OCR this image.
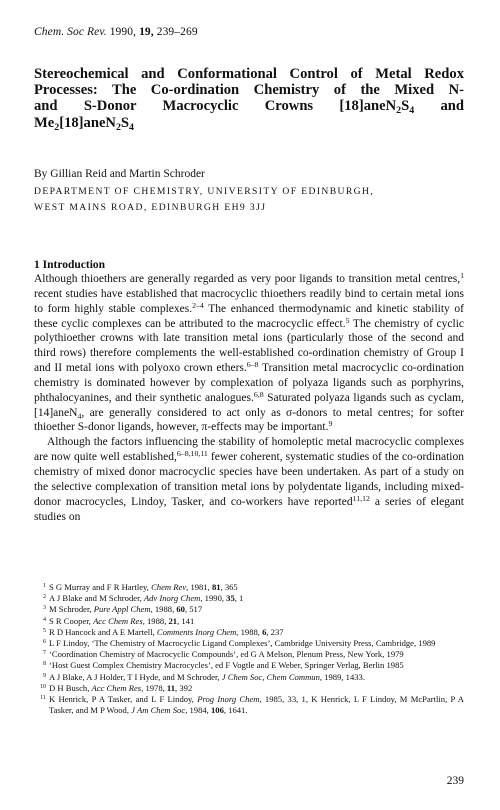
Chem. Soc Rev. 1990, 19, 239–269
Stereochemical and Conformational Control of Metal Redox
Processes: The Co-ordination Chemistry of the Mixed N-
and S-Donor Macrocyclic Crowns $[18]aneN_2S_4$ and
$Me_2[18]aneN_2S_4$
By Gillian Reid and Martin Schroder
DEPARTMENT OF CHEMISTRY, UNIVERSITY OF EDINBURGH,
WEST MAINS ROAD, EDINBURGH EH9 3JJ
1 Introduction

Although thioethers are generally regarded as very poor ligands to transition metal centres,$^1$ recent studies have established that macrocyclic thioethers readily bind to certain metal ions to form highly stable complexes.$^{2-4}$ The enhanced thermodynamic and kinetic stability of these cyclic complexes can be attributed to the macrocyclic effect.$^5$ The chemistry of cyclic polythioether crowns with late transition metal ions (particularly those of the second and third rows) therefore complements the well-established co-ordination chemistry of Group I and II metal ions with polyoxo crown ethers.$^{6-8}$ Transition metal macrocyclic co-ordination chemistry is dominated however by complexation of polyaza ligands such as porphyrins, phthalocyanines, and their synthetic analogues.$^{6,8}$ Saturated polyaza ligands such as cyclam, [14]aneN$_4$, are generally considered to act only as σ-donors to metal centres; for softer thioether S-donor ligands, however, π-effects may be important.$^9$

Although the factors influencing the stability of homoleptic metal macrocyclic complexes are now quite well established,$^{6-8,10,11}$ fewer coherent, systematic studies of the co-ordination chemistry of mixed donor macrocyclic species have been undertaken. As part of a study on the selective complexation of transition metal ions by polydentate ligands, including mixed-donor macrocycles, Lindoy, Tasker, and co-workers have reported$^{11,12}$ a series of elegant studies on

1 S G Murray and F R Hartley, Chem Rev, 1981, 81, 365
2 A J Blake and M Schroder, Adv Inorg Chem, 1990, 35, 1
3 M Schroder, Pure Appl Chem, 1988, 60, 517
4 S R Cooper, Acc Chem Res, 1988, 21, 141
5 R D Hancock and A E Martell, Comments Inorg Chem, 1988, 6, 237
6 L F Lindoy, ‘The Chemistry of Macrocyclic Ligand Complexes’, Cambridge University Press, Cambridge, 1989
7 ‘Coordination Chemistry of Macrocyclic Compounds’, ed G A Melson, Plenum Press, New York, 1979
8 ‘Host Guest Complex Chemistry Macrocycles’, ed F Vogtle and E Weber, Springer Verlag, Berlin 1985
9 A J Blake, A J Holder, T I Hyde, and M Schroder, J Chem Soc, Chem Commun, 1989, 1433.
10 D H Busch, Acc Chem Res, 1978, 11, 392
11 K Henrick, P A Tasker, and L F Lindoy, Prog Inorg Chem, 1985, 33, 1, K Henrick, L F Lindoy, M McPartlin, P A Tasker, and M P Wood, J Am Chem Soc, 1984, 106, 1641.
239
